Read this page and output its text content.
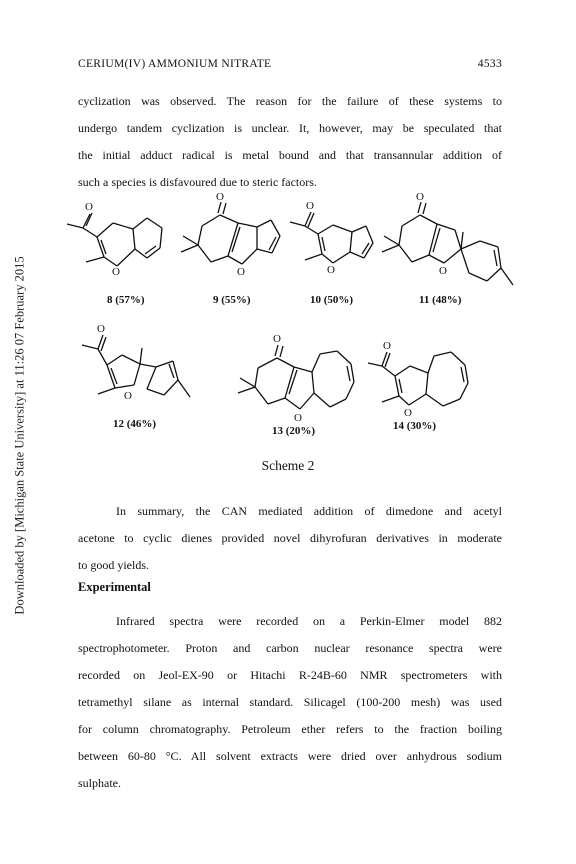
Downloaded by [Michigan State University] at 11:26 07 February 2015
CERIUM(IV) AMMONIUM NITRATE	4533
cyclization was observed. The reason for the failure of these systems to
undergo tandem cyclization is unclear. It, however, may be speculated that
the initial adduct radical is metal bound and that transannular addition of
such a species is disfavoured due to steric factors.
O
O
O
O
O
O
O
O
O
O
O
O
O
O
8 (57%)	9 (55%)	10 (50%)	11 (48%)
12 (46%)
13 (20%)	14 (30%)
Scheme 2
In summary, the CAN mediated addition of dimedone and acetyl
acetone to cyclic dienes provided novel dihyrofuran derivatives in moderate
to good yields.
Experimental
Infrared spectra were recorded on a Perkin-Elmer model 882
spectrophotometer. Proton and carbon nuclear resonance spectra were
recorded on Jeol-EX-90 or Hitachi R-24B-60 NMR spectrometers with
tetramethyl silane as internal standard. Silicagel (100-200 mesh) was used
for column chromatography. Petroleum ether refers to the fraction boiling
between 60-80 °C. All solvent extracts were dried over anhydrous sodium
sulphate.
